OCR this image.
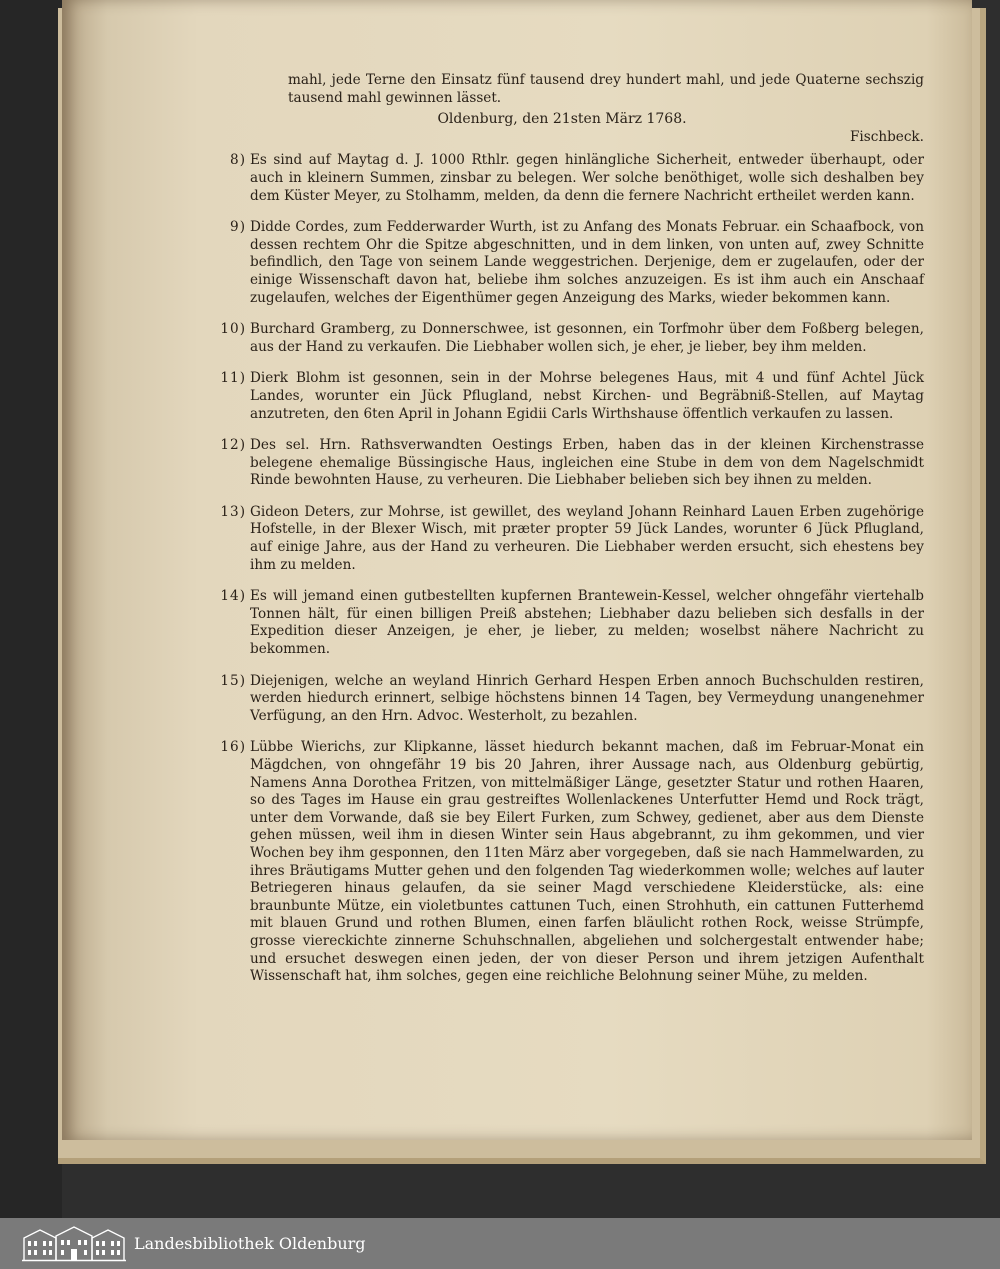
mahl, jede Terne den Einsatz fünf tausend drey hundert mahl, und jede Quaterne sechszig tausend mahl gewinnen lässet.
Oldenburg, den 21sten März 1768.
Fischbeck.
8) Es sind auf Maytag d. J. 1000 Rthlr. gegen hinlängliche Sicherheit, entweder überhaupt, oder auch in kleinern Summen, zinsbar zu belegen. Wer solche benöthiget, wolle sich deshalben bey dem Küster Meyer, zu Stolhamm, melden, da denn die fernere Nachricht ertheilet werden kann.
9) Didde Cordes, zum Fedderwarder Wurth, ist zu Anfang des Monats Februar. ein Schaafbock, von dessen rechtem Ohr die Spitze abgeschnitten, und in dem linken, von unten auf, zwey Schnitte befindlich, den Tage von seinem Lande weggestrichen. Derjenige, dem er zugelaufen, oder der einige Wissenschaft davon hat, beliebe ihm solches anzuzeigen. Es ist ihm auch ein Anschaaf zugelaufen, welches der Eigenthümer gegen Anzeigung des Marks, wieder bekommen kann.
10) Burchard Gramberg, zu Donnerschwee, ist gesonnen, ein Torfmohr über dem Foßberg belegen, aus der Hand zu verkaufen. Die Liebhaber wollen sich, je eher, je lieber, bey ihm melden.
11) Dierk Blohm ist gesonnen, sein in der Mohrse belegenes Haus, mit 4 und fünf Achtel Jück Landes, worunter ein Jück Pflugland, nebst Kirchen- und Begräbniß-Stellen, auf Maytag anzutreten, den 6ten April in Johann Egidii Carls Wirthshause öffentlich verkaufen zu lassen.
12) Des sel. Hrn. Rathsverwandten Oestings Erben, haben das in der kleinen Kirchenstrasse belegene ehemalige Büssingische Haus, ingleichen eine Stube in dem von dem Nagelschmidt Rinde bewohnten Hause, zu verheuren. Die Liebhaber belieben sich bey ihnen zu melden.
13) Gideon Deters, zur Mohrse, ist gewillet, des weyland Johann Reinhard Lauen Erben zugehörige Hofstelle, in der Blexer Wisch, mit præter propter 59 Jück Landes, worunter 6 Jück Pflugland, auf einige Jahre, aus der Hand zu verheuren. Die Liebhaber werden ersucht, sich ehestens bey ihm zu melden.
14) Es will jemand einen gutbestellten kupfernen Brantewein-Kessel, welcher ohngefähr viertehalb Tonnen hält, für einen billigen Preiß abstehen; Liebhaber dazu belieben sich desfalls in der Expedition dieser Anzeigen, je eher, je lieber, zu melden; woselbst nähere Nachricht zu bekommen.
15) Diejenigen, welche an weyland Hinrich Gerhard Hespen Erben annoch Buchschulden restiren, werden hiedurch erinnert, selbige höchstens binnen 14 Tagen, bey Vermeydung unangenehmer Verfügung, an den Hrn. Advoc. Westerholt, zu bezahlen.
16) Lübbe Wierichs, zur Klipkanne, lässet hiedurch bekannt machen, daß im Februar-Monat ein Mägdchen, von ohngefähr 19 bis 20 Jahren, ihrer Aussage nach, aus Oldenburg gebürtig, Namens Anna Dorothea Fritzen, von mittelmäßiger Länge, gesetzter Statur und rothen Haaren, so des Tages im Hause ein grau gestreiftes Wollenlackenes Unterfutter Hemd und Rock trägt, unter dem Vorwande, daß sie bey Eilert Furken, zum Schwey, gedienet, aber aus dem Dienste gehen müssen, weil ihm in diesen Winter sein Haus abgebrannt, zu ihm gekommen, und vier Wochen bey ihm gesponnen, den 11ten März aber vorgegeben, daß sie nach Hammelwarden, zu ihres Bräutigams Mutter gehen und den folgenden Tag wiederkommen wolle; welches auf lauter Betriegeren hinaus gelaufen, da sie seiner Magd verschiedene Kleiderstücke, als: eine braunbunte Mütze, ein violetbuntes cattunen Tuch, einen Strohhuth, ein cattunen Futterhemd mit blauen Grund und rothen Blumen, einen farfen bläulicht rothen Rock, weisse Strümpfe, grosse viereckichte zinnerne Schuhschnallen, abgeliehen und solchergestalt entwender habe; und ersuchet deswegen einen jeden, der von dieser Person und ihrem jetzigen Aufenthalt Wissenschaft hat, ihm solches, gegen eine reichliche Belohnung seiner Mühe, zu melden.
Landesbibliothek Oldenburg
